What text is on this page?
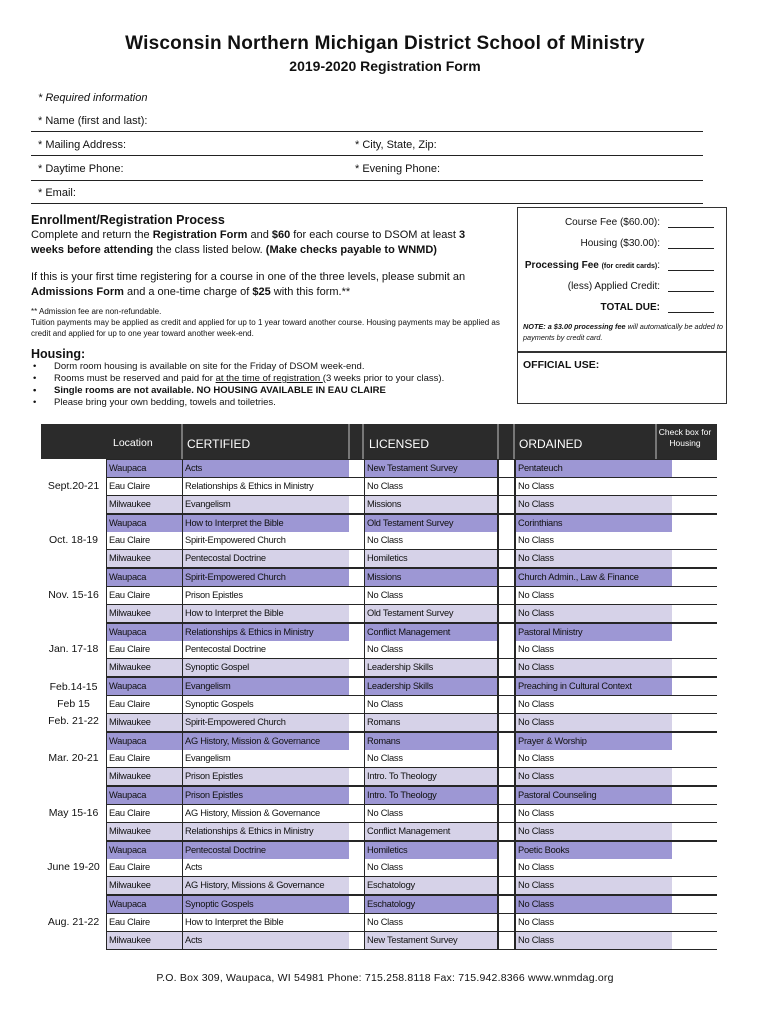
Wisconsin Northern Michigan District School of Ministry
2019-2020 Registration Form
* Required information
* Name (first and last):
* Mailing Address:	* City, State, Zip:
* Daytime Phone:	* Evening Phone:
* Email:
Enrollment/Registration Process
Complete and return the Registration Form and $60 for each course to DSOM at least 3 weeks before attending the class listed below. (Make checks payable to WNMD)
If this is your first time registering for a course in one of the three levels, please submit an Admissions Form and a one-time charge of $25 with this form.**
** Admission fee are non-refundable.
Tuition payments may be applied as credit and applied for up to 1 year toward another course. Housing payments may be applied as credit and applied for up to one year toward another week-end.
Housing:
• Dorm room housing is available on site for the Friday of DSOM week-end.
• Rooms must be reserved and paid for at the time of registration (3 weeks prior to your class).
• Single rooms are not available. NO HOUSING AVAILABLE IN EAU CLAIRE
• Please bring your own bedding, towels and toiletries.
Course Fee ($60.00):
Housing ($30.00):
Processing Fee (for credit cards):
(less) Applied Credit:
TOTAL DUE:
NOTE: a $3.00 processing fee will automatically be added to payments by credit card.
OFFICIAL USE:
Location	CERTIFIED	LICENSED	ORDAINED
Check box for Housing
Sept.20-21
Waupaca	Acts	New Testament Survey	Pentateuch
Eau Claire	Relationships & Ethics in Ministry	No Class	No Class
Milwaukee	Evangelism	Missions	No Class
Oct. 18-19
Waupaca	How to Interpret the Bible	Old Testament Survey	Corinthians
Eau Claire	Spirit-Empowered Church	No Class	No Class
Milwaukee	Pentecostal Doctrine	Homiletics	No Class
Nov. 15-16
Waupaca	Spirit-Empowered Church	Missions	Church Admin., Law & Finance
Eau Claire	Prison Epistles	No Class	No Class
Milwaukee	How to Interpret the Bible	Old Testament Survey	No Class
Jan. 17-18
Waupaca	Relationships & Ethics in Ministry	Conflict Management	Pastoral Ministry
Eau Claire	Pentecostal Doctrine	No Class	No Class
Milwaukee	Synoptic Gospel	Leadership Skills	No Class
Feb.14-15
Feb 15
Feb. 21-22
Waupaca	Evangelism	Leadership Skills	Preaching in Cultural Context
Eau Claire	Synoptic Gospels	No Class	No Class
Milwaukee	Spirit-Empowered Church	Romans	No Class
Mar. 20-21
Waupaca	AG History, Mission & Governance	Romans	Prayer & Worship
Eau Claire	Evangelism	No Class	No Class
Milwaukee	Prison Epistles	Intro. To Theology	No Class
May 15-16
Waupaca	Prison Epistles	Intro. To Theology	Pastoral Counseling
Eau Claire	AG History, Mission & Governance	No Class	No Class
Milwaukee	Relationships & Ethics in Ministry	Conflict Management	No Class
June 19-20
Waupaca	Pentecostal Doctrine	Homiletics	Poetic Books
Eau Claire	Acts	No Class	No Class
Milwaukee	AG History, Missions & Governance	Eschatology	No Class
Aug. 21-22
Waupaca	Synoptic Gospels	Eschatology	No Class
Eau Claire	How to Interpret the Bible	No Class	No Class
Milwaukee	Acts	New Testament Survey	No Class
P.O. Box 309, Waupaca, WI 54981 Phone: 715.258.8118 Fax: 715.942.8366 www.wnmdag.org
